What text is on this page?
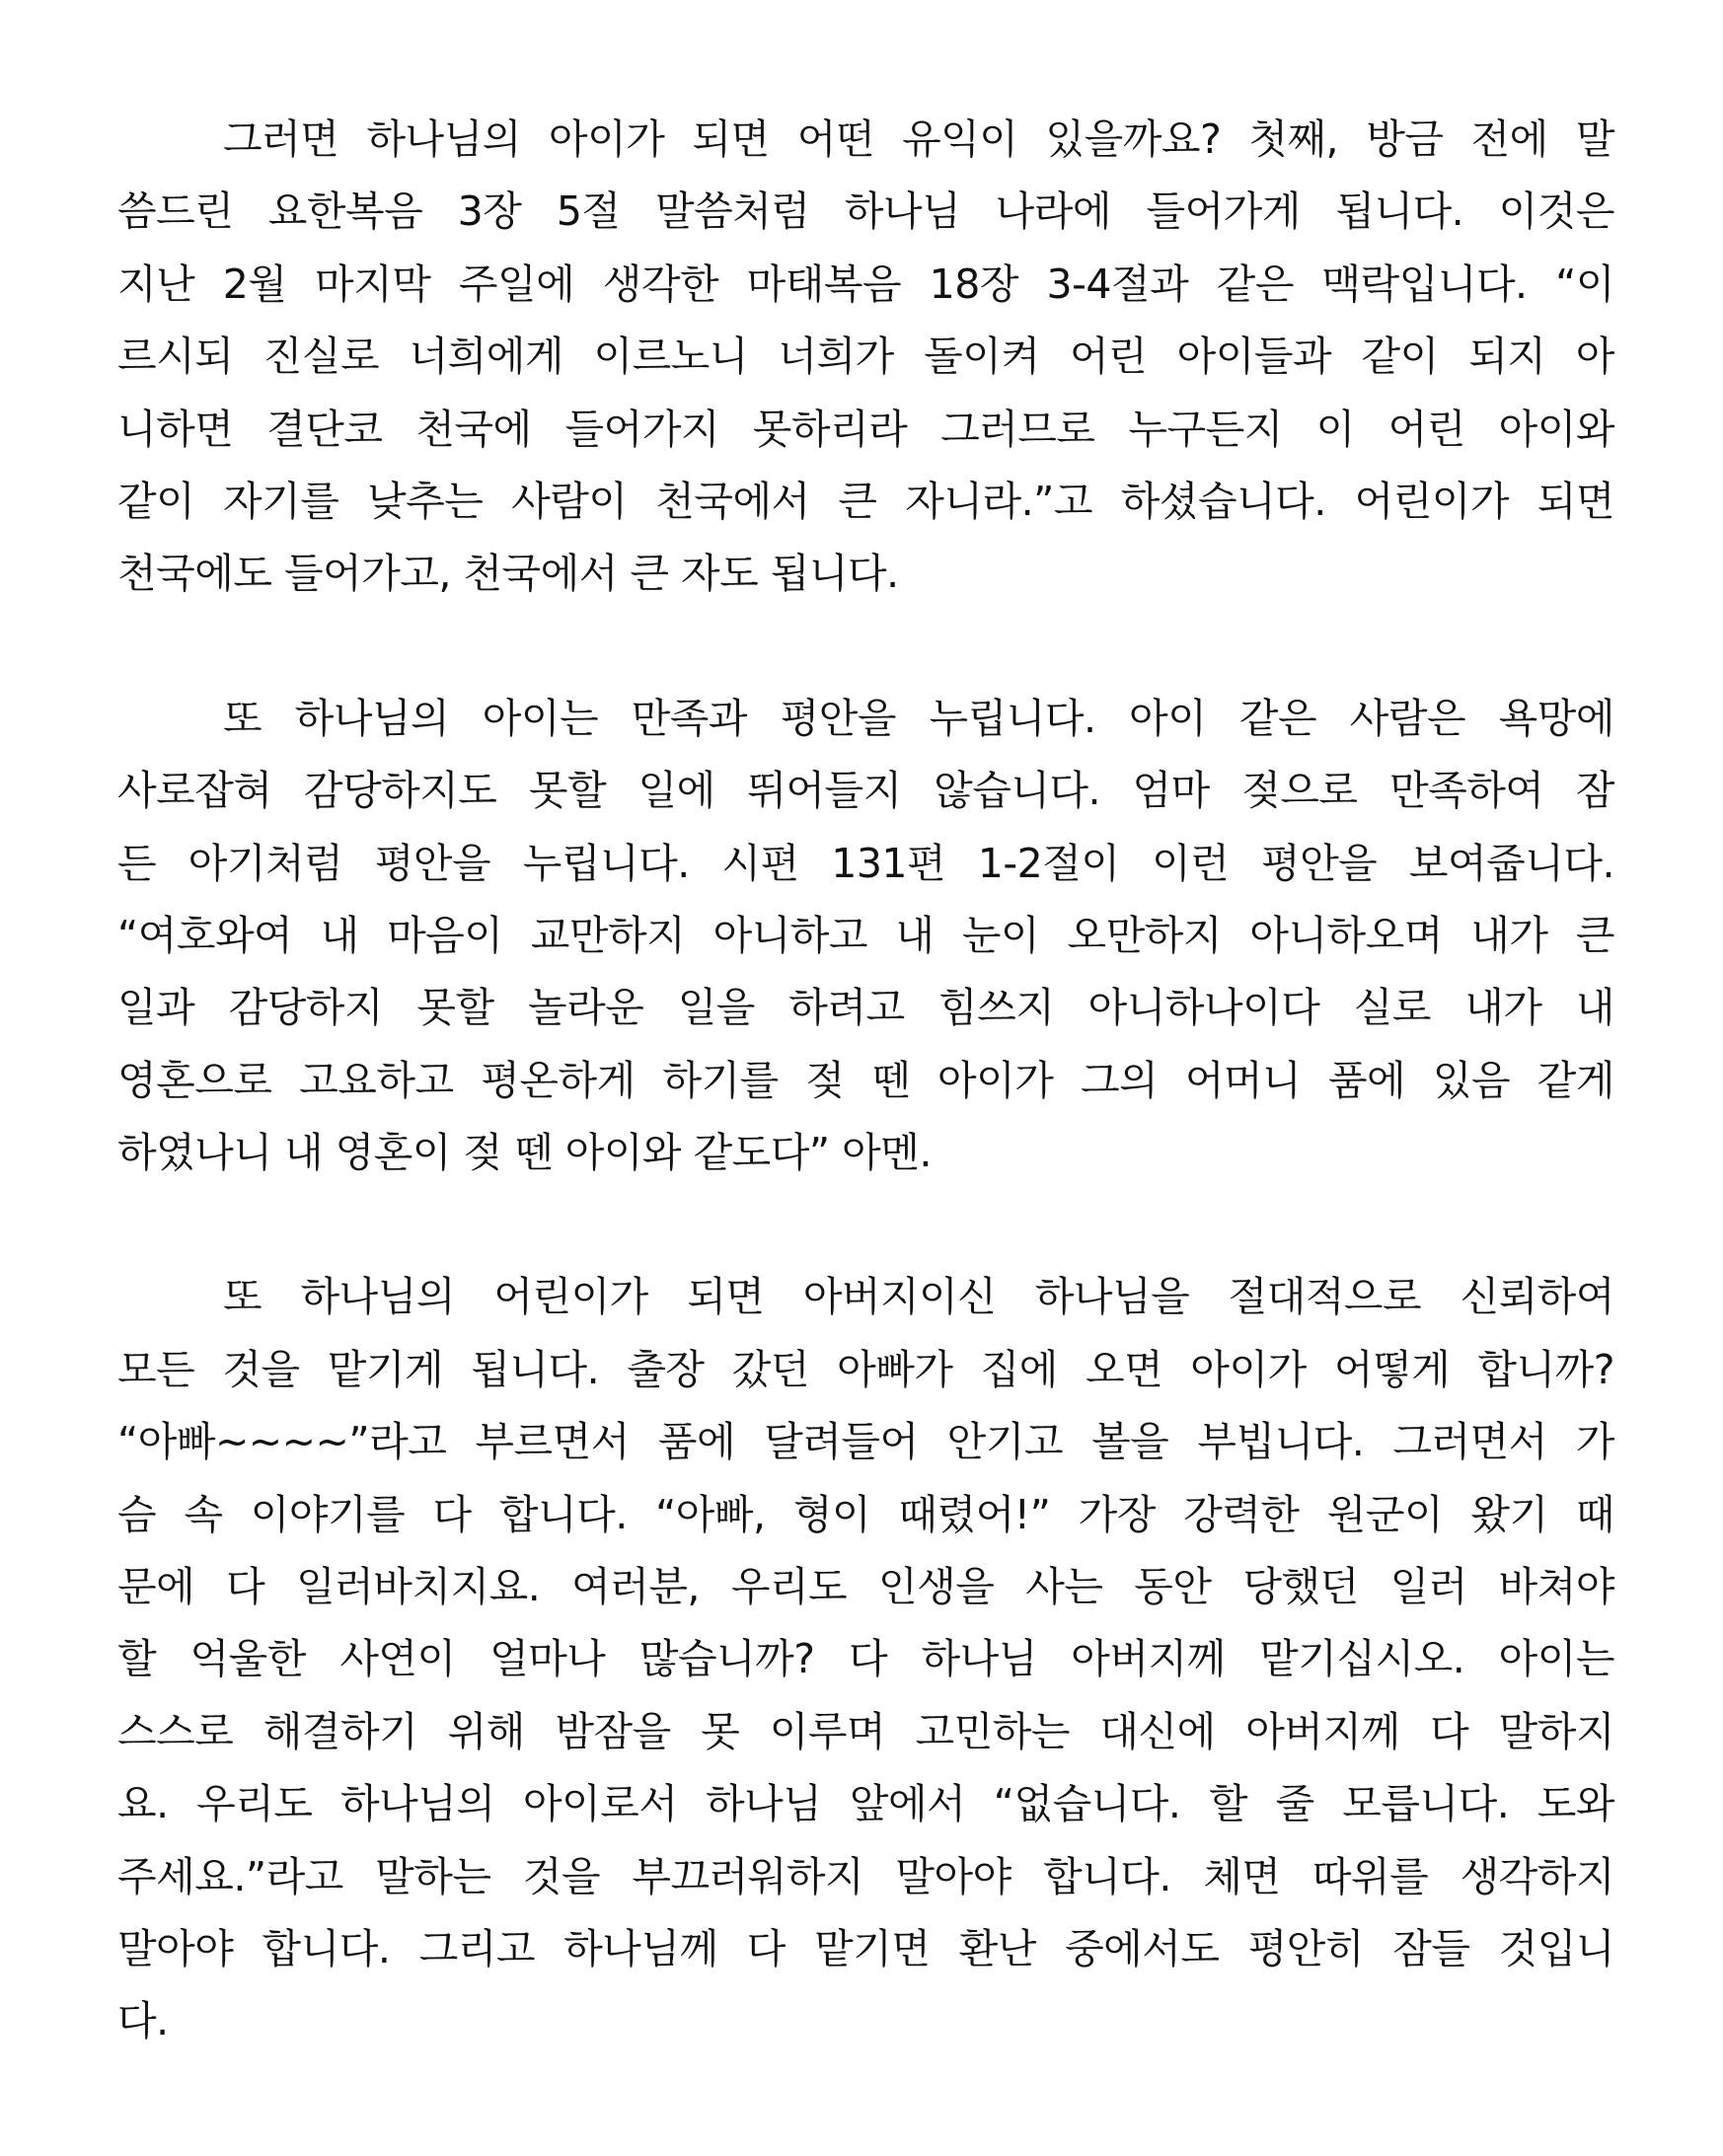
그러면 하나님의 아이가 되면 어떤 유익이 있을까요? 첫째, 방금 전에 말
씀드린 요한복음 3장 5절 말씀처럼 하나님 나라에 들어가게 됩니다. 이것은
지난 2월 마지막 주일에 생각한 마태복음 18장 3-4절과 같은 맥락입니다. “이
르시되 진실로 너희에게 이르노니 너희가 돌이켜 어린 아이들과 같이 되지 아
니하면 결단코 천국에 들어가지 못하리라 그러므로 누구든지 이 어린 아이와
같이 자기를 낮추는 사람이 천국에서 큰 자니라.”고 하셨습니다. 어린이가 되면
천국에도 들어가고, 천국에서 큰 자도 됩니다.
또 하나님의 아이는 만족과 평안을 누립니다. 아이 같은 사람은 욕망에
사로잡혀 감당하지도 못할 일에 뛰어들지 않습니다. 엄마 젖으로 만족하여 잠
든 아기처럼 평안을 누립니다. 시편 131편 1-2절이 이런 평안을 보여줍니다.
“여호와여 내 마음이 교만하지 아니하고 내 눈이 오만하지 아니하오며 내가 큰
일과 감당하지 못할 놀라운 일을 하려고 힘쓰지 아니하나이다 실로 내가 내
영혼으로 고요하고 평온하게 하기를 젖 뗀 아이가 그의 어머니 품에 있음 같게
하였나니 내 영혼이 젖 뗀 아이와 같도다” 아멘.
또 하나님의 어린이가 되면 아버지이신 하나님을 절대적으로 신뢰하여
모든 것을 맡기게 됩니다. 출장 갔던 아빠가 집에 오면 아이가 어떻게 합니까?
“아빠~~~~”라고 부르면서 품에 달려들어 안기고 볼을 부빕니다. 그러면서 가
슴 속 이야기를 다 합니다. “아빠, 형이 때렸어!” 가장 강력한 원군이 왔기 때
문에 다 일러바치지요. 여러분, 우리도 인생을 사는 동안 당했던 일러 바쳐야
할 억울한 사연이 얼마나 많습니까? 다 하나님 아버지께 맡기십시오. 아이는
스스로 해결하기 위해 밤잠을 못 이루며 고민하는 대신에 아버지께 다 말하지
요. 우리도 하나님의 아이로서 하나님 앞에서 “없습니다. 할 줄 모릅니다. 도와
주세요.”라고 말하는 것을 부끄러워하지 말아야 합니다. 체면 따위를 생각하지
말아야 합니다. 그리고 하나님께 다 맡기면 환난 중에서도 평안히 잠들 것입니
다.
